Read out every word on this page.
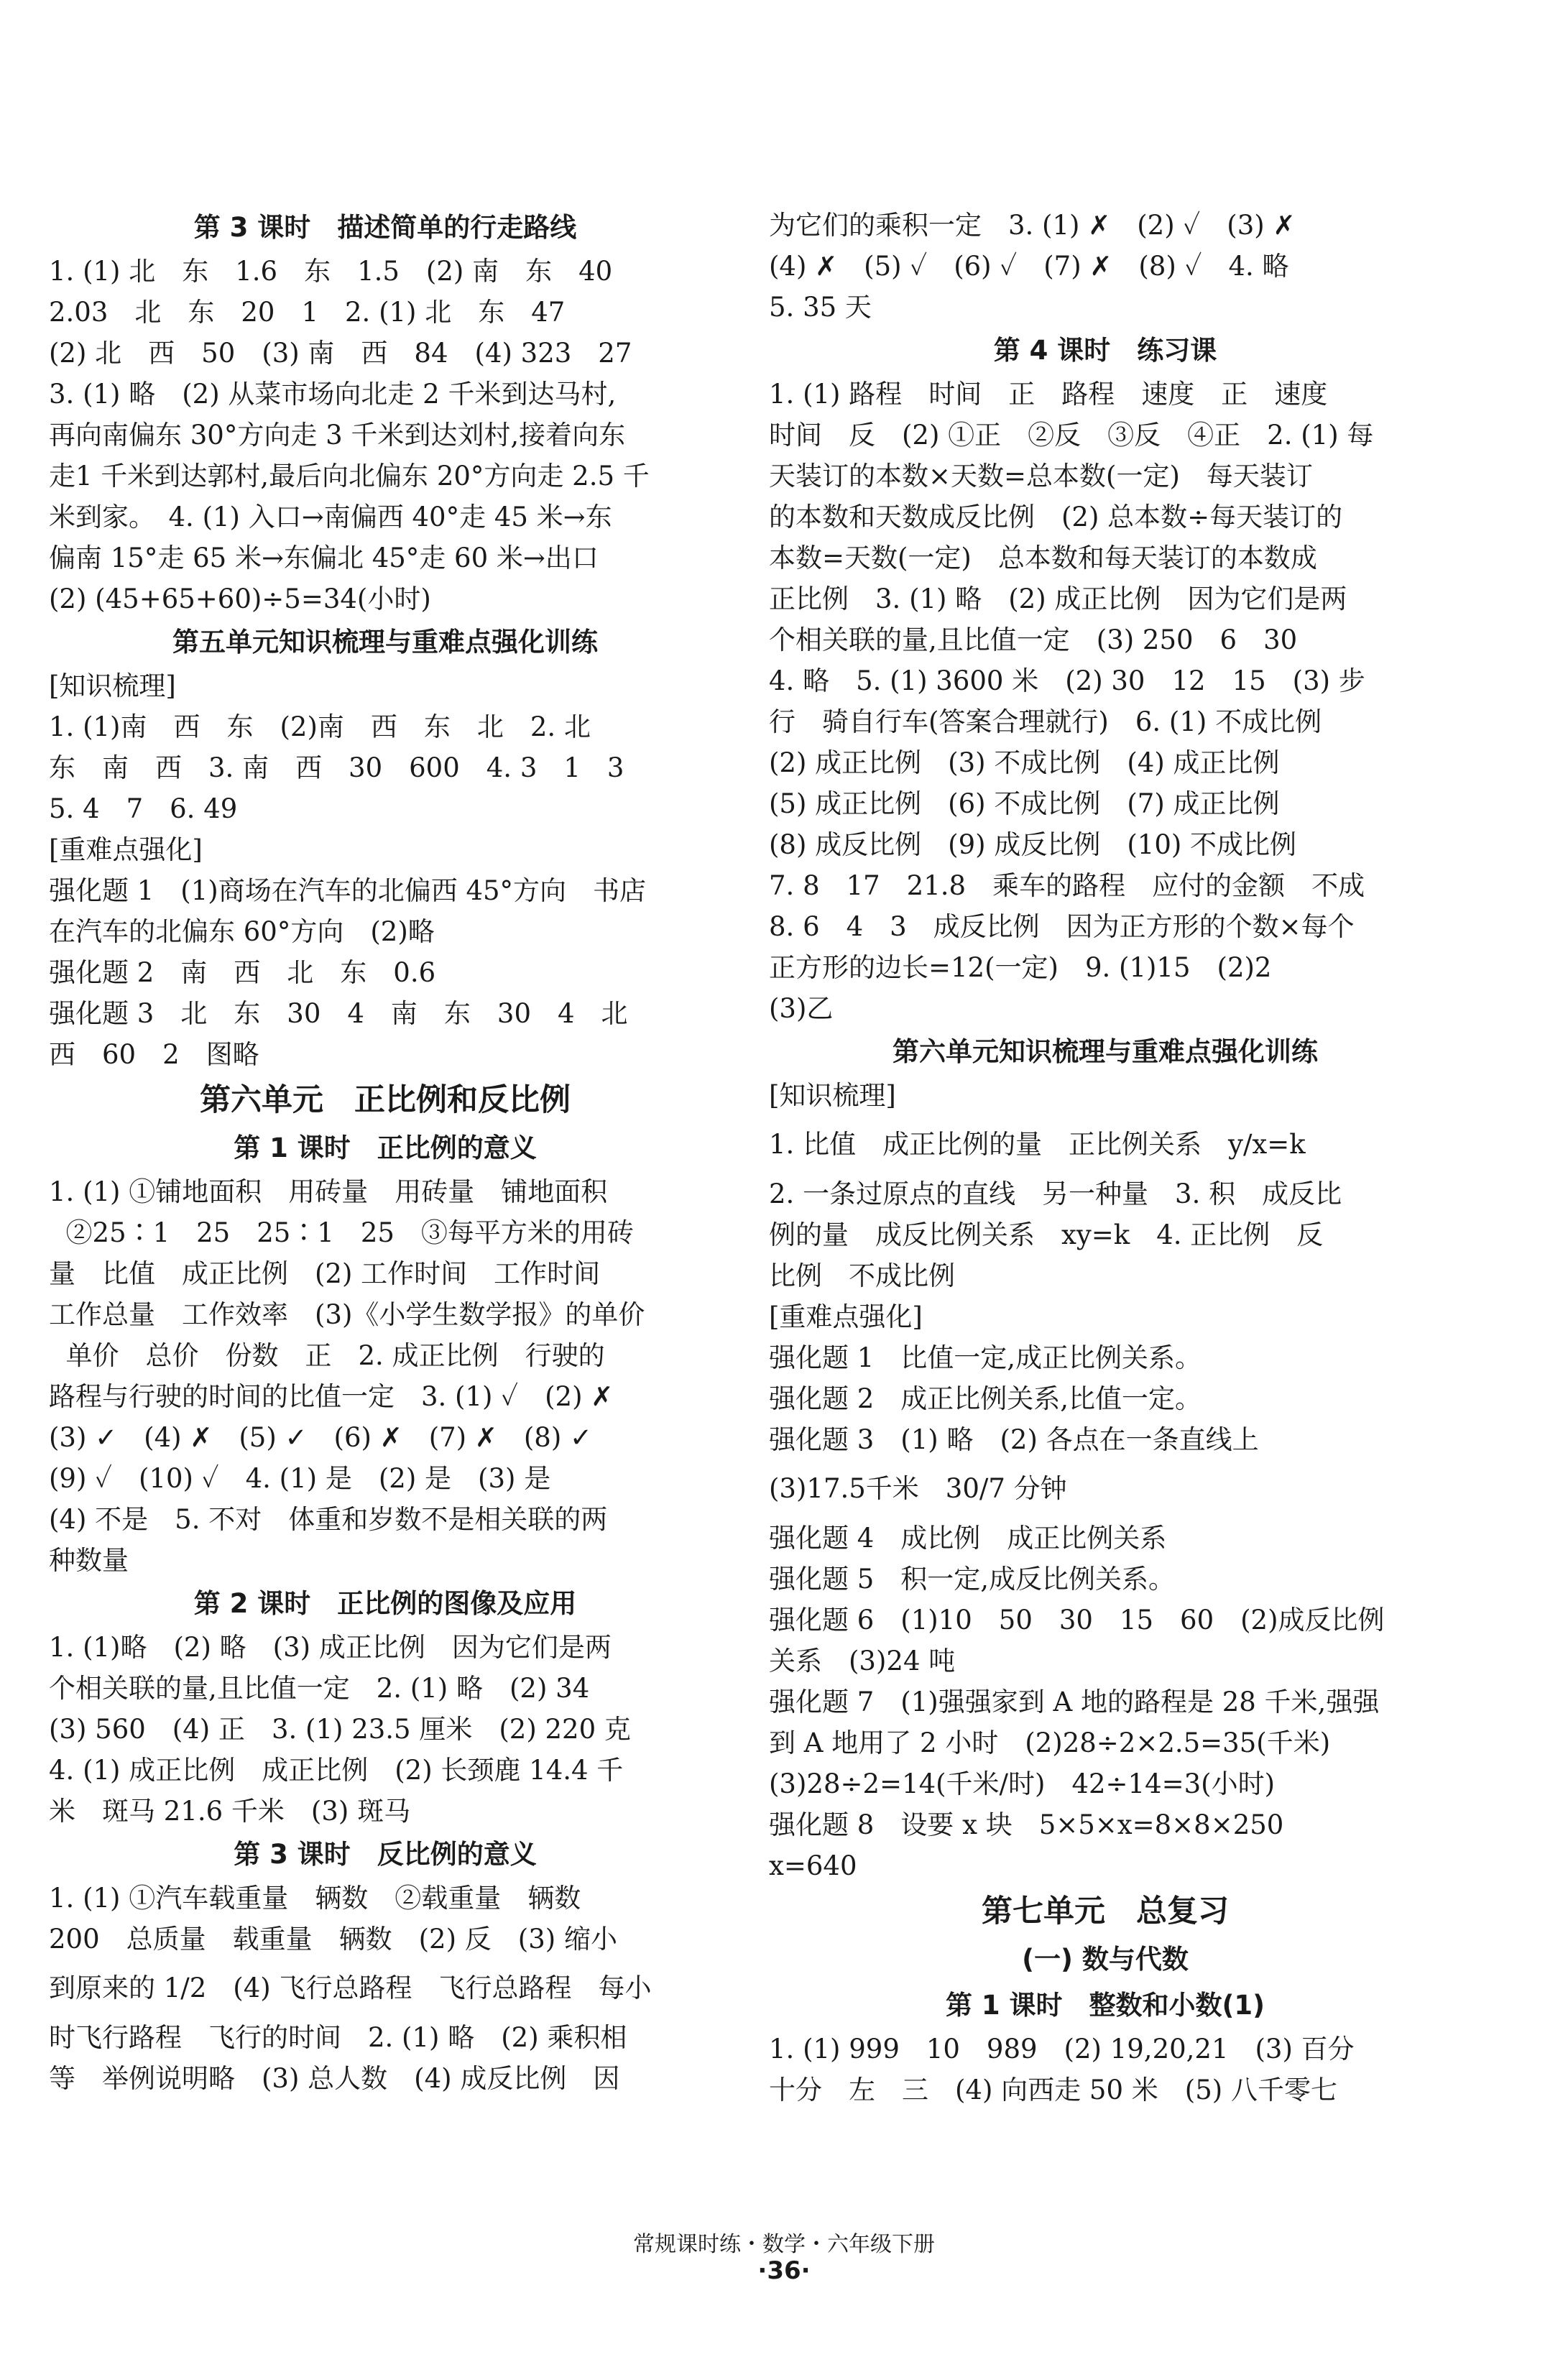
第 3 课时　描述简单的行走路线
1. (1) 北　东　1.6　东　1.5　(2) 南　东　40
2.03　北　东　20　1　2. (1) 北　东　47
(2) 北　西　50　(3) 南　西　84　(4) 323　27
3. (1) 略　(2) 从菜市场向北走 2 千米到达马村,
再向南偏东 30°方向走 3 千米到达刘村,接着向东
走1 千米到达郭村,最后向北偏东 20°方向走 2.5 千
米到家。　4. (1) 入口→南偏西 40°走 45 米→东
偏南 15°走 65 米→东偏北 45°走 60 米→出口
(2) (45+65+60)÷5=34(小时)
第五单元知识梳理与重难点强化训练
[知识梳理]
1. (1)南　西　东　(2)南　西　东　北　2. 北
东　南　西　3. 南　西　30　600　4. 3　1　3
5. 4　7　6. 49
[重难点强化]
强化题 1　(1)商场在汽车的北偏西 45°方向　书店
在汽车的北偏东 60°方向　(2)略
强化题 2　南　西　北　东　0.6
强化题 3　北　东　30　4　南　东　30　4　北
西　60　2　图略
第六单元　正比例和反比例
第 1 课时　正比例的意义
1. (1) ①铺地面积　用砖量　用砖量　铺地面积
②25∶1　25　25∶1　25　③每平方米的用砖
量　比值　成正比例　(2) 工作时间　工作时间
工作总量　工作效率　(3)《小学生数学报》的单价
单价　总价　份数　正　2. 成正比例　行驶的
路程与行驶的时间的比值一定　3. (1) ✓　(2) ✗
(3) ✓　(4) ✗　(5) ✓　(6) ✗　(7) ✗　(8) ✓
(9) ✓　(10) ✓　4. (1) 是　(2) 是　(3) 是
(4) 不是　5. 不对　体重和岁数不是相关联的两
种数量
第 2 课时　正比例的图像及应用
1. (1)略　(2) 略　(3) 成正比例　因为它们是两
个相关联的量,且比值一定　2. (1) 略　(2) 34
(3) 560　(4) 正　3. (1) 23.5 厘米　(2) 220 克
4. (1) 成正比例　成正比例　(2) 长颈鹿 14.4 千
米　斑马 21.6 千米　(3) 斑马
第 3 课时　反比例的意义
1. (1) ①汽车载重量　辆数　②载重量　辆数
200　总质量　载重量　辆数　(2) 反　(3) 缩小
到原来的 1/2　(4) 飞行总路程　飞行总路程　每小
时飞行路程　飞行的时间　2. (1) 略　(2) 乘积相
等　举例说明略　(3) 总人数　(4) 成反比例　因
为它们的乘积一定　3. (1) ✗　(2) ✓　(3) ✗
(4) ✗　(5) ✓　(6) ✓　(7) ✗　(8) ✓　4. 略
5. 35 天
第 4 课时　练习课
1. (1) 路程　时间　正　路程　速度　正　速度
时间　反　(2) ①正　②反　③反　④正　2. (1) 每
天装订的本数×天数=总本数(一定)　每天装订
的本数和天数成反比例　(2) 总本数÷每天装订的
本数=天数(一定)　总本数和每天装订的本数成
正比例　3. (1) 略　(2) 成正比例　因为它们是两
个相关联的量,且比值一定　(3) 250　6　30
4. 略　5. (1) 3600 米　(2) 30　12　15　(3) 步
行　骑自行车(答案合理就行)　6. (1) 不成比例
(2) 成正比例　(3) 不成比例　(4) 成正比例
(5) 成正比例　(6) 不成比例　(7) 成正比例
(8) 成反比例　(9) 成反比例　(10) 不成比例
7. 8　17　21.8　乘车的路程　应付的金额　不成
8. 6　4　3　成反比例　因为正方形的个数×每个
正方形的边长=12(一定)　9. (1)15　(2)2
(3)乙
第六单元知识梳理与重难点强化训练
[知识梳理]
1. 比值　成正比例的量　正比例关系　y/x=k
2. 一条过原点的直线　另一种量　3. 积　成反比
例的量　成反比例关系　xy=k　4. 正比例　反
比例　不成比例
[重难点强化]
强化题 1　比值一定,成正比例关系。
强化题 2　成正比例关系,比值一定。
强化题 3　(1) 略　(2) 各点在一条直线上
(3)17.5千米　30/7 分钟
强化题 4　成比例　成正比例关系
强化题 5　积一定,成反比例关系。
强化题 6　(1)10　50　30　15　60　(2)成反比例
关系　(3)24 吨
强化题 7　(1)强强家到 A 地的路程是 28 千米,强强
到 A 地用了 2 小时　(2)28÷2×2.5=35(千米)
(3)28÷2=14(千米/时)　42÷14=3(小时)
强化题 8　设要 x 块　5×5×x=8×8×250
x=640
第七单元　总复习
(一) 数与代数
第 1 课时　整数和小数(1)
1. (1) 999　10　989　(2) 19,20,21　(3) 百分
十分　左　三　(4) 向西走 50 米　(5) 八千零七
常规课时练・数学・六年级下册
·36·
